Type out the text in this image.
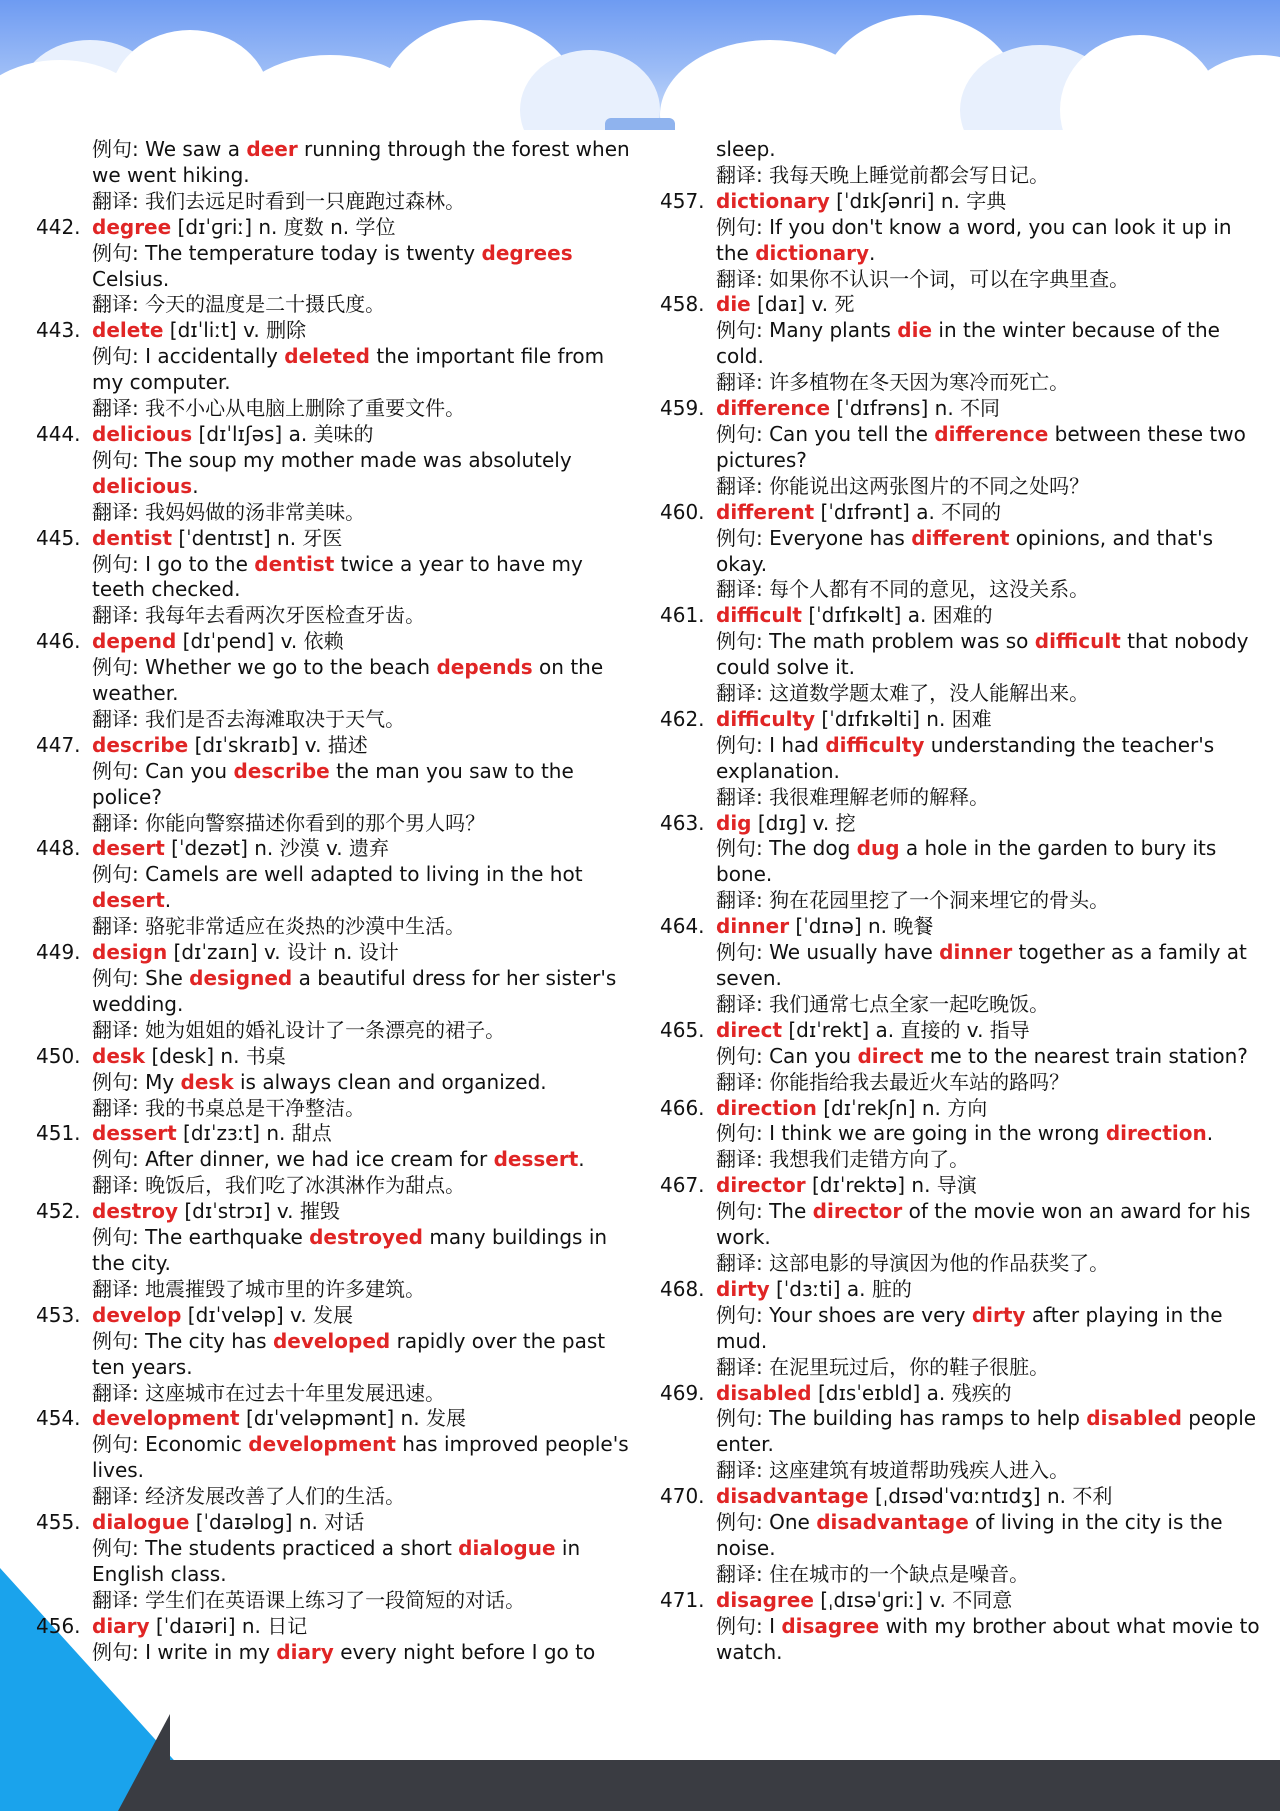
例句: We saw a deer running through the forest when we went hiking.
翻译: 我们去远足时看到一只鹿跑过森林。
442. degree [dɪˈɡriː] n. 度数 n. 学位
例句: The temperature today is twenty degrees Celsius.
翻译: 今天的温度是二十摄氏度。
443. delete [dɪˈliːt] v. 删除
例句: I accidentally deleted the important file from my computer.
翻译: 我不小心从电脑上删除了重要文件。
444. delicious [dɪˈlɪʃəs] a. 美味的
例句: The soup my mother made was absolutely delicious.
翻译: 我妈妈做的汤非常美味。
445. dentist [ˈdentɪst] n. 牙医
例句: I go to the dentist twice a year to have my teeth checked.
翻译: 我每年去看两次牙医检查牙齿。
446. depend [dɪˈpend] v. 依赖
例句: Whether we go to the beach depends on the weather.
翻译: 我们是否去海滩取决于天气。
447. describe [dɪˈskraɪb] v. 描述
例句: Can you describe the man you saw to the police?
翻译: 你能向警察描述你看到的那个男人吗？
448. desert [ˈdezət] n. 沙漠 v. 遗弃
例句: Camels are well adapted to living in the hot desert.
翻译: 骆驼非常适应在炎热的沙漠中生活。
449. design [dɪˈzaɪn] v. 设计 n. 设计
例句: She designed a beautiful dress for her sister's wedding.
翻译: 她为姐姐的婚礼设计了一条漂亮的裙子。
450. desk [desk] n. 书桌
例句: My desk is always clean and organized.
翻译: 我的书桌总是干净整洁。
451. dessert [dɪˈzɜːt] n. 甜点
例句: After dinner, we had ice cream for dessert.
翻译: 晚饭后，我们吃了冰淇淋作为甜点。
452. destroy [dɪˈstrɔɪ] v. 摧毁
例句: The earthquake destroyed many buildings in the city.
翻译: 地震摧毁了城市里的许多建筑。
453. develop [dɪˈveləp] v. 发展
例句: The city has developed rapidly over the past ten years.
翻译: 这座城市在过去十年里发展迅速。
454. development [dɪˈveləpmənt] n. 发展
例句: Economic development has improved people's lives.
翻译: 经济发展改善了人们的生活。
455. dialogue [ˈdaɪəlɒɡ] n. 对话
例句: The students practiced a short dialogue in English class.
翻译: 学生们在英语课上练习了一段简短的对话。
456. diary [ˈdaɪəri] n. 日记
例句: I write in my diary every night before I go to
sleep.
翻译: 我每天晚上睡觉前都会写日记。
457. dictionary [ˈdɪkʃənri] n. 字典
例句: If you don't know a word, you can look it up in the dictionary.
翻译: 如果你不认识一个词，可以在字典里查。
458. die [daɪ] v. 死
例句: Many plants die in the winter because of the cold.
翻译: 许多植物在冬天因为寒冷而死亡。
459. difference [ˈdɪfrəns] n. 不同
例句: Can you tell the difference between these two pictures?
翻译: 你能说出这两张图片的不同之处吗？
460. different [ˈdɪfrənt] a. 不同的
例句: Everyone has different opinions, and that's okay.
翻译: 每个人都有不同的意见，这没关系。
461. difficult [ˈdɪfɪkəlt] a. 困难的
例句: The math problem was so difficult that nobody could solve it.
翻译: 这道数学题太难了，没人能解出来。
462. difficulty [ˈdɪfɪkəlti] n. 困难
例句: I had difficulty understanding the teacher's explanation.
翻译: 我很难理解老师的解释。
463. dig [dɪɡ] v. 挖
例句: The dog dug a hole in the garden to bury its bone.
翻译: 狗在花园里挖了一个洞来埋它的骨头。
464. dinner [ˈdɪnə] n. 晚餐
例句: We usually have dinner together as a family at seven.
翻译: 我们通常七点全家一起吃晚饭。
465. direct [dɪˈrekt] a. 直接的 v. 指导
例句: Can you direct me to the nearest train station?
翻译: 你能指给我去最近火车站的路吗？
466. direction [dɪˈrekʃn] n. 方向
例句: I think we are going in the wrong direction.
翻译: 我想我们走错方向了。
467. director [dɪˈrektə] n. 导演
例句: The director of the movie won an award for his work.
翻译: 这部电影的导演因为他的作品获奖了。
468. dirty [ˈdɜːti] a. 脏的
例句: Your shoes are very dirty after playing in the mud.
翻译: 在泥里玩过后，你的鞋子很脏。
469. disabled [dɪsˈeɪbld] a. 残疾的
例句: The building has ramps to help disabled people enter.
翻译: 这座建筑有坡道帮助残疾人进入。
470. disadvantage [ˌdɪsədˈvɑːntɪdʒ] n. 不利
例句: One disadvantage of living in the city is the noise.
翻译: 住在城市的一个缺点是噪音。
471. disagree [ˌdɪsəˈɡriː] v. 不同意
例句: I disagree with my brother about what movie to watch.
